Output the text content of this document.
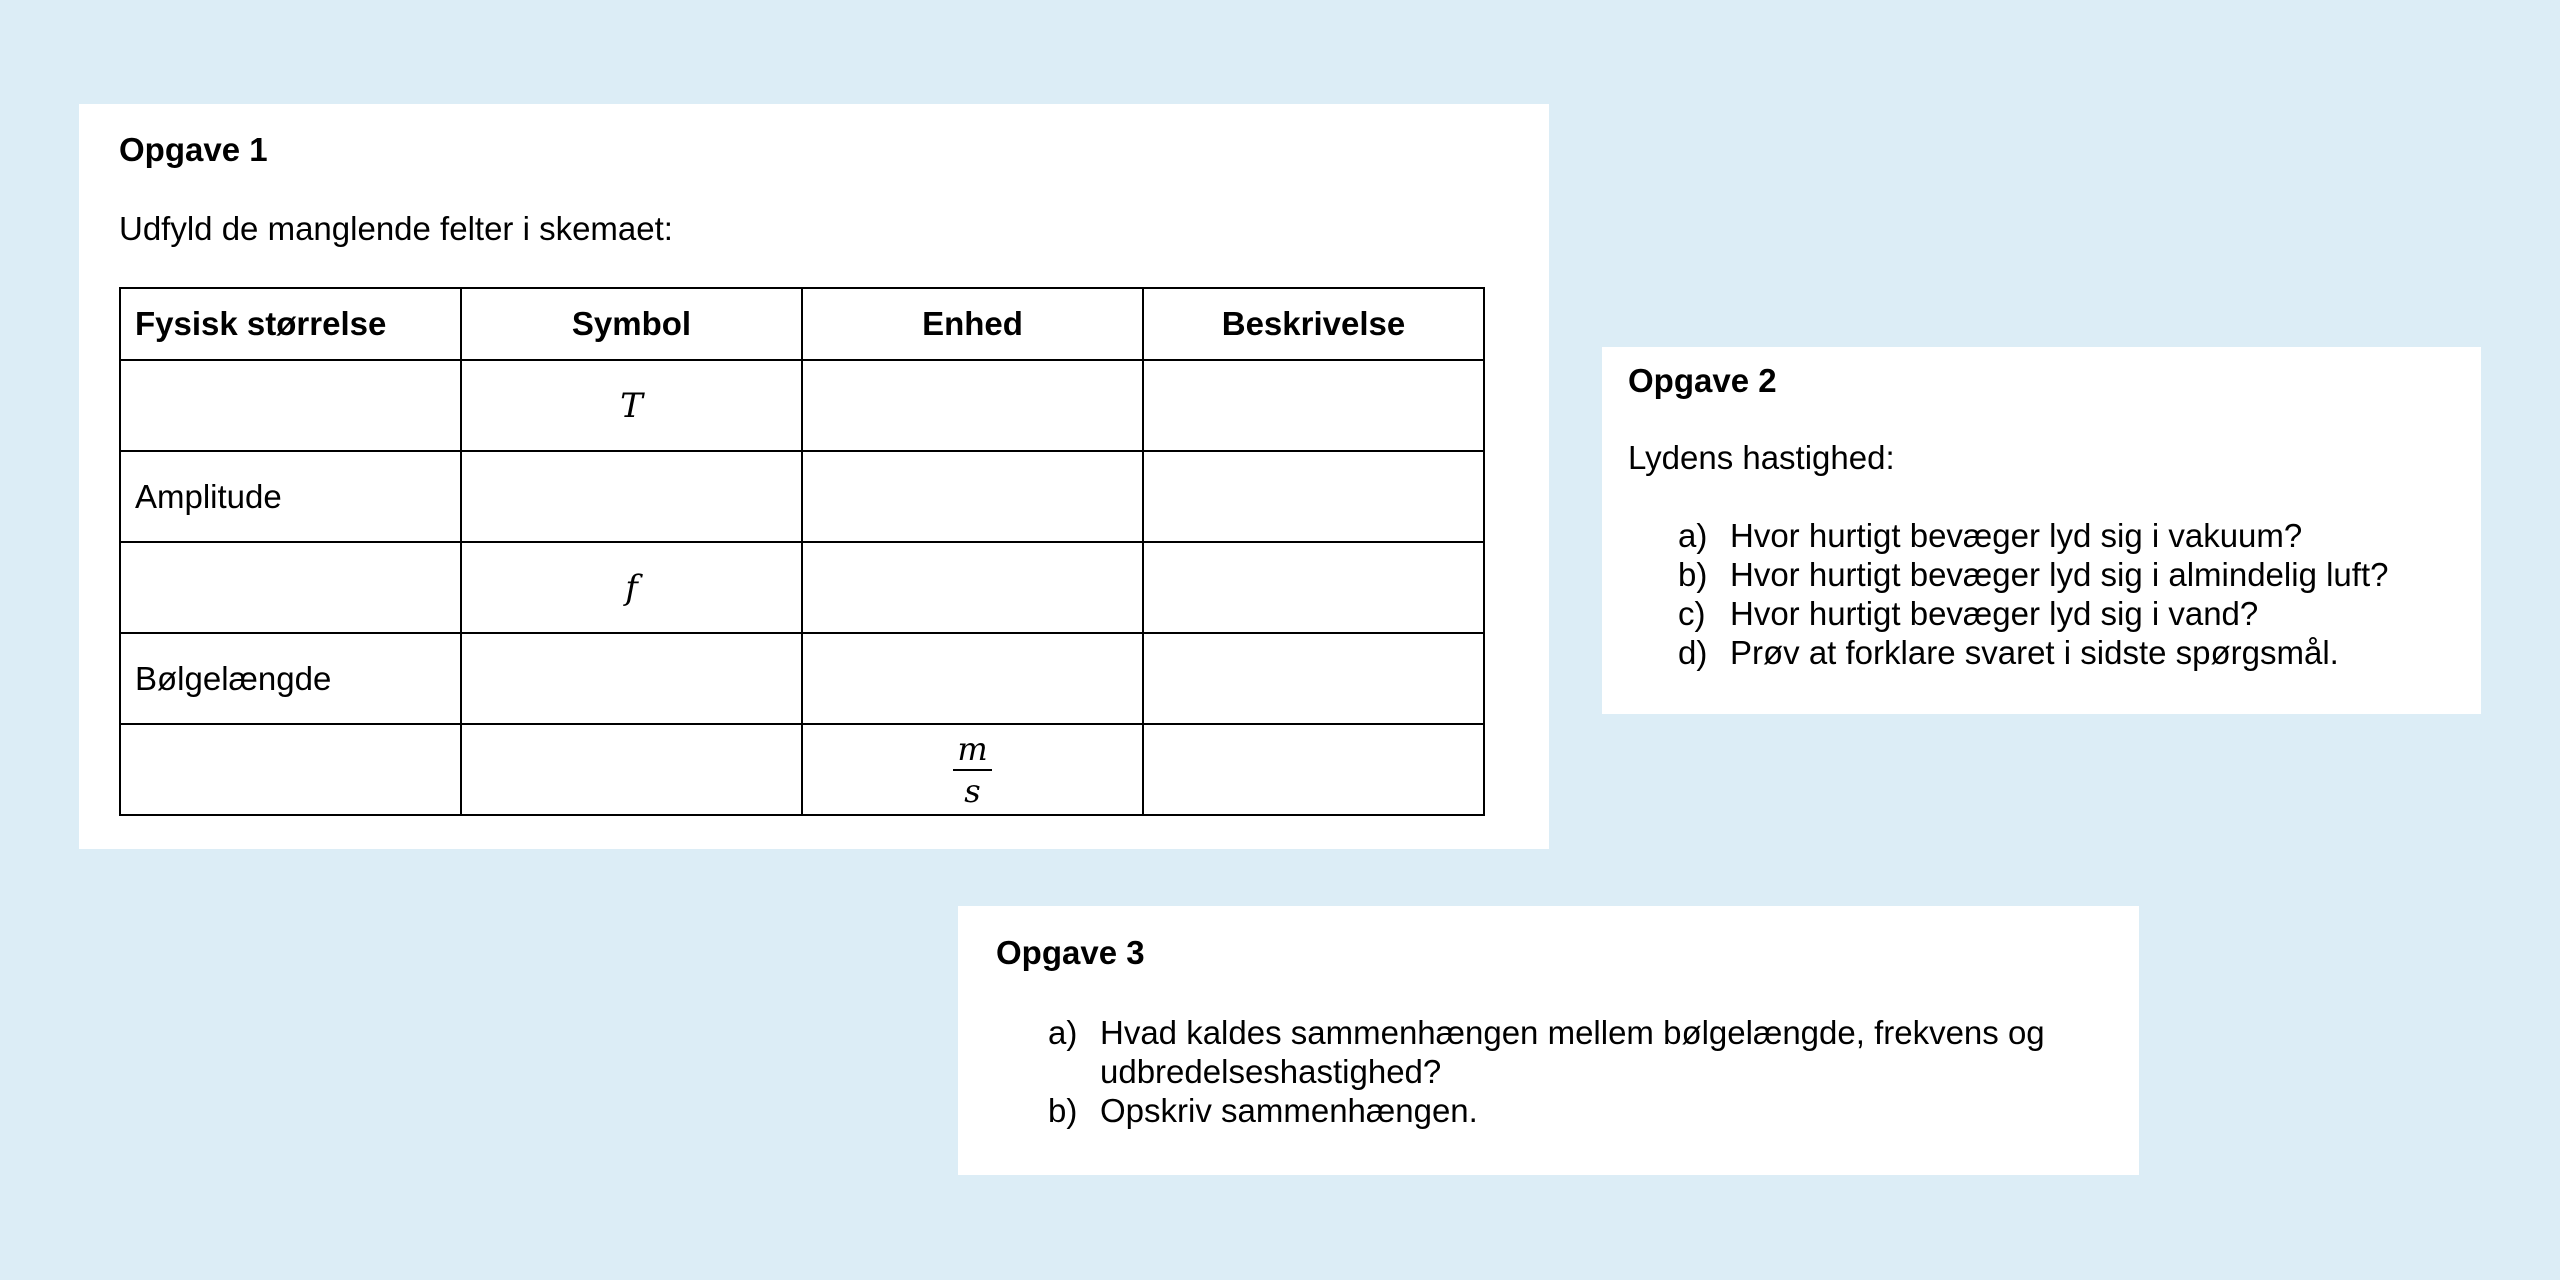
Opgave 1
Udfyld de manglende felter i skemaet:
Fysisk størrelse	Symbol	Enhed	Beskrivelse
	T		
Amplitude			
	f		
Bølgelængde			

		$\frac{m}{s}$

Opgave 2
Lydens hastighed:
a) Hvor hurtigt bevæger lyd sig i vakuum?
b) Hvor hurtigt bevæger lyd sig i almindelig luft?
c) Hvor hurtigt bevæger lyd sig i vand?
d) Prøv at forklare svaret i sidste spørgsmål.
Opgave 3
a) Hvad kaldes sammenhængen mellem bølgelængde, frekvens og udbredelseshastighed?
b) Opskriv sammenhængen.
